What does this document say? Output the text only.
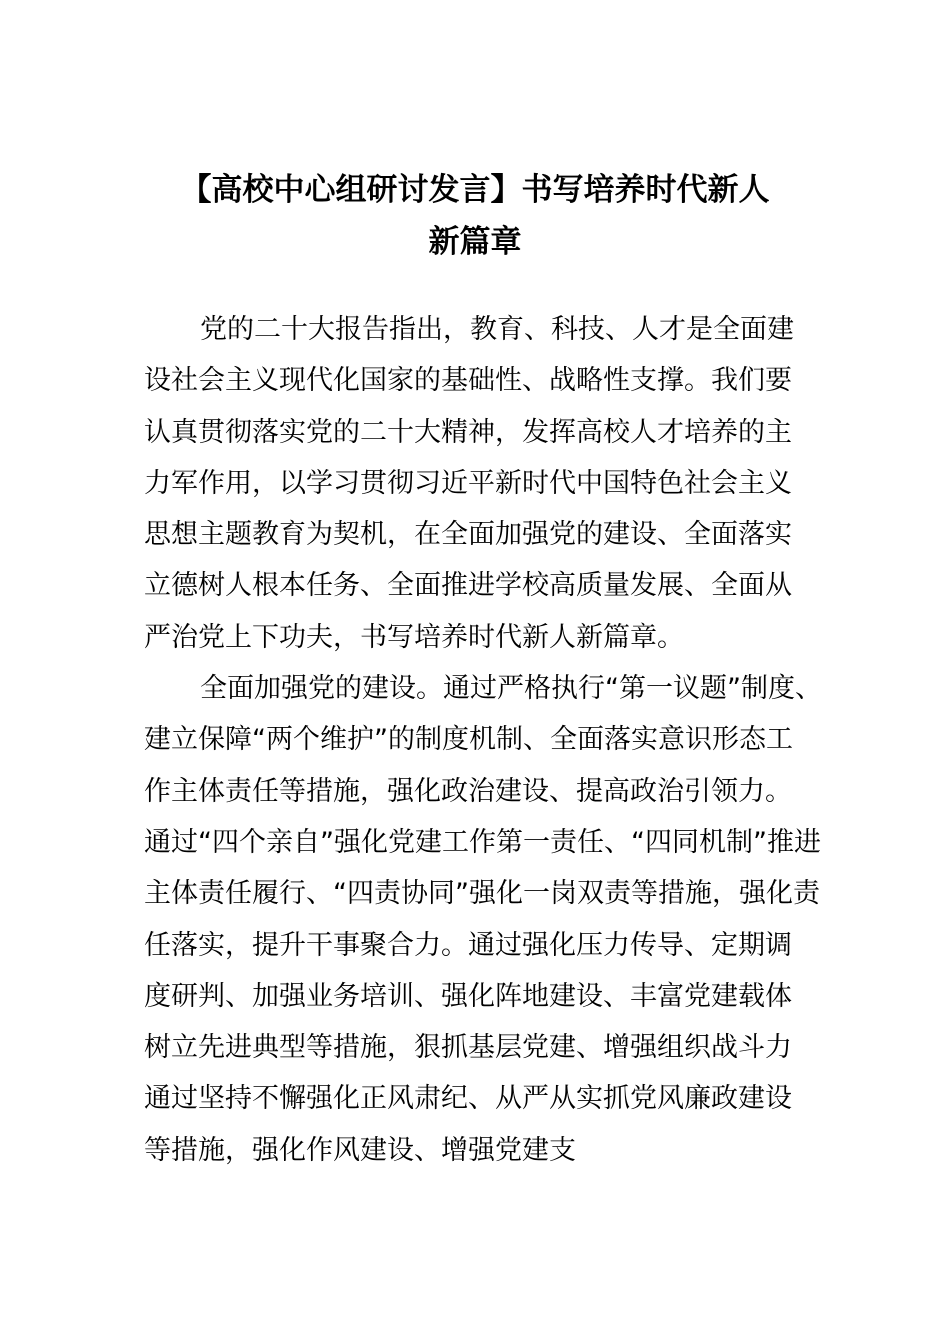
【高校中心组研讨发言】书写培养时代新人
新篇章
党的二十大报告指出，教育、科技、人才是全面建
设社会主义现代化国家的基础性、战略性支撑。我们要
认真贯彻落实党的二十大精神，发挥高校人才培养的主
力军作用，以学习贯彻习近平新时代中国特色社会主义
思想主题教育为契机，在全面加强党的建设、全面落实
立德树人根本任务、全面推进学校高质量发展、全面从
严治党上下功夫，书写培养时代新人新篇章。
全面加强党的建设。通过严格执行“第一议题”制度、
建立保障“两个维护”的制度机制、全面落实意识形态工
作主体责任等措施，强化政治建设、提高政治引领力。
通过“四个亲自”强化党建工作第一责任、“四同机制”推进
主体责任履行、“四责协同”强化一岗双责等措施，强化责
任落实，提升干事聚合力。通过强化压力传导、定期调
度研判、加强业务培训、强化阵地建设、丰富党建载体
树立先进典型等措施，狠抓基层党建、增强组织战斗力
通过坚持不懈强化正风肃纪、从严从实抓党风廉政建设
等措施，强化作风建设、增强党建支
